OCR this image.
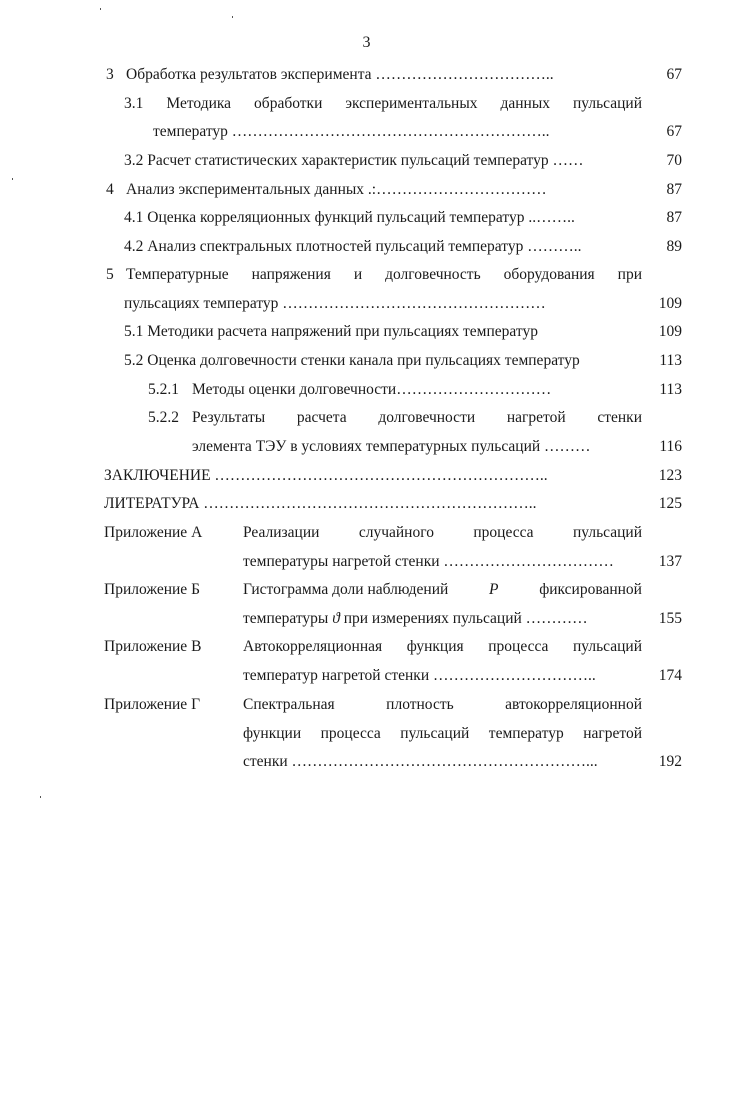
3
3 Обработка результатов эксперимента ……………………………..	67
3.1 Методика обработки экспериментальных данных пульсаций
температур ……………………………………………………..	67
3.2 Расчет статистических характеристик пульсаций температур ……	70
4 Анализ экспериментальных данных .:……………………………	87
4.1 Оценка корреляционных функций пульсаций температур ..……..	87
4.2 Анализ спектральных плотностей пульсаций температур ………..	89
5 Температурные напряжения и долговечность оборудования при
пульсациях температур ……………………………………………	109
5.1 Методики расчета напряжений при пульсациях температур	109
5.2 Оценка долговечности стенки канала при пульсациях температур	113
5.2.1 Методы оценки долговечности…………………………	113
5.2.2 Результаты расчета долговечности нагретой стенки
элемента ТЭУ в условиях температурных пульсаций ………	116
ЗАКЛЮЧЕНИЕ ………………………………………………………..	123
ЛИТЕРАТУРА ………………………………………………………..	125
Приложение А	Реализации случайного процесса пульсаций
температуры нагретой стенки ……………………………	137
Приложение Б	Гистограмма доли наблюдений	P	фиксированной
температуры ϑ при измерениях пульсаций …………	155
Приложение В	Автокорреляционная функция процесса пульсаций
температур нагретой стенки …………………………..	174
Приложение Г	Спектральная плотность автокорреляционной
функции процесса пульсаций температур нагретой
стенки …………………………………………………...	192
